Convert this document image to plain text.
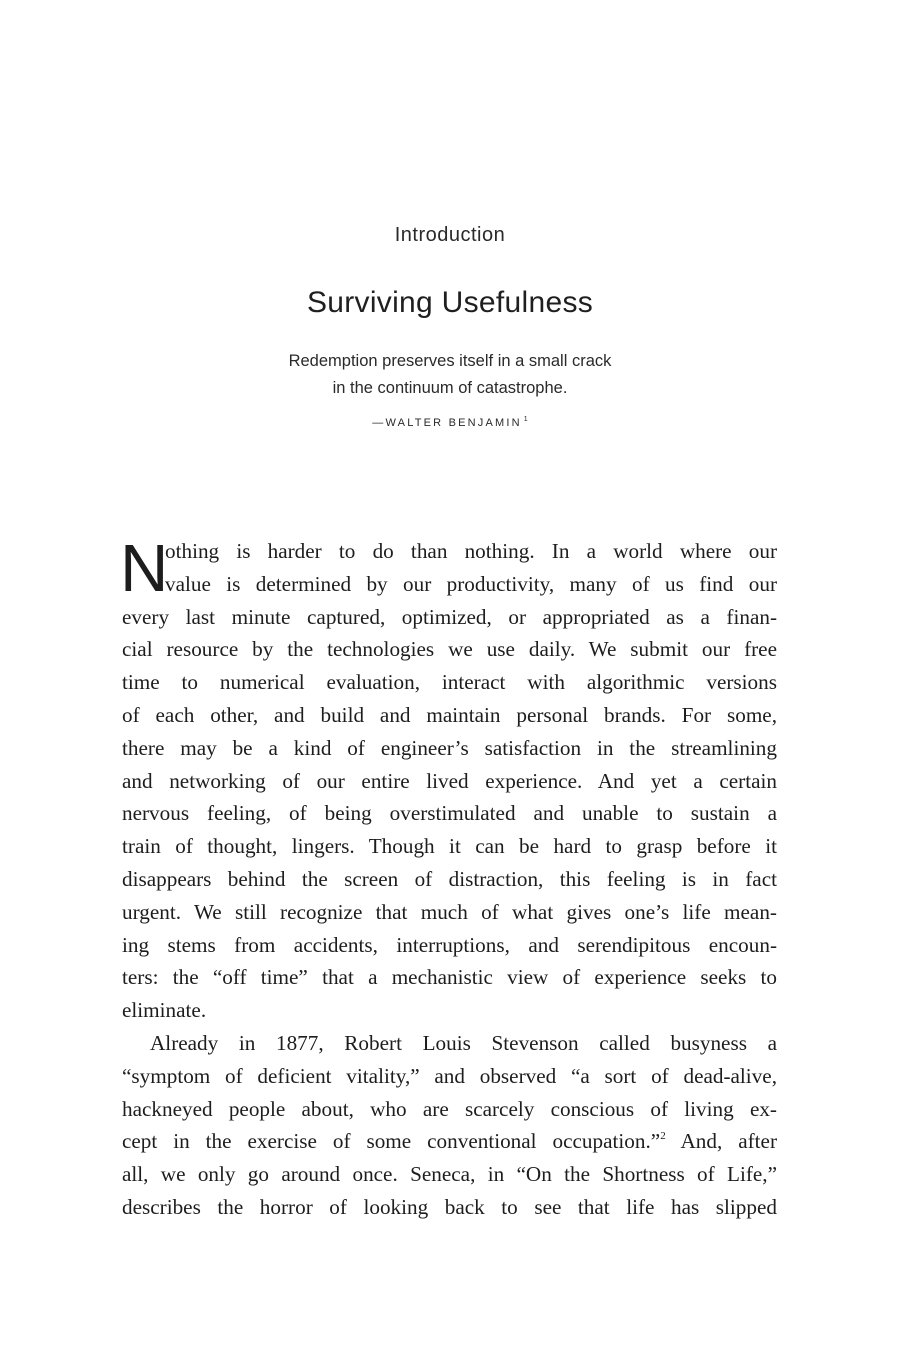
Introduction
Surviving Usefulness
Redemption preserves itself in a small crack
in the continuum of catastrophe.
—WALTER BENJAMIN $^1$
N
othing is harder to do than nothing. In a world where our
value is determined by our productivity, many of us find our
every last minute captured, optimized, or appropriated as a finan-
cial resource by the technologies we use daily. We submit our free
time to numerical evaluation, interact with algorithmic versions
of each other, and build and maintain personal brands. For some,
there may be a kind of engineer’s satisfaction in the streamlining
and networking of our entire lived experience. And yet a certain
nervous feeling, of being overstimulated and unable to sustain a
train of thought, lingers. Though it can be hard to grasp before it
disappears behind the screen of distraction, this feeling is in fact
urgent. We still recognize that much of what gives one’s life mean-
ing stems from accidents, interruptions, and serendipitous encoun-
ters: the “off time” that a mechanistic view of experience seeks to
eliminate.
Already in 1877, Robert Louis Stevenson called busyness a
“symptom of deficient vitality,” and observed “a sort of dead-alive,
hackneyed people about, who are scarcely conscious of living ex-
cept in the exercise of some conventional occupation.”$^2$ And, after
all, we only go around once. Seneca, in “On the Shortness of Life,”
describes the horror of looking back to see that life has slipped
